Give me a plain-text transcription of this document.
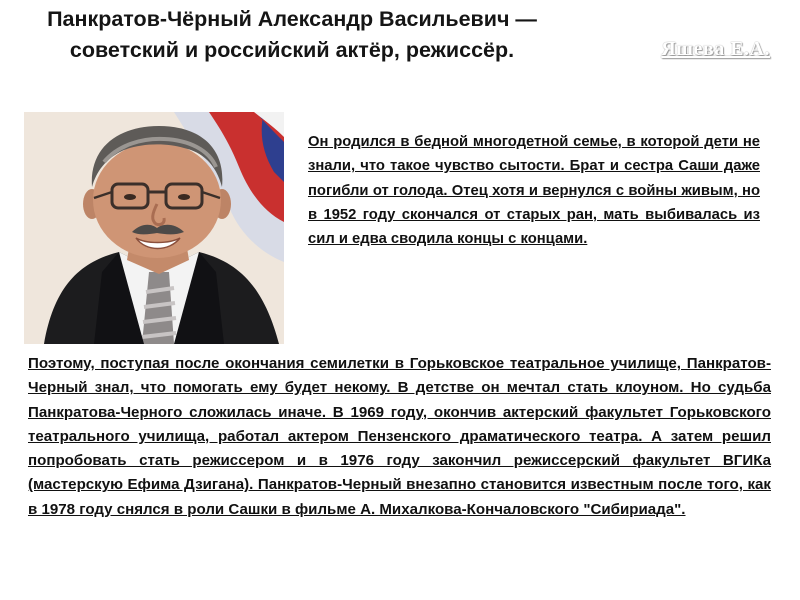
Панкратов-Чёрный Александр Васильевич — советский и российский актёр, режиссёр.	Яшева Е.А.
Он родился в бедной многодетной семье, в которой дети не знали, что такое чувство сытости. Брат и сестра Саши даже погибли от голода. Отец хотя и вернулся с войны живым, но в 1952 году скончался от старых ран, мать выбивалась из сил и едва сводила концы с концами.
Поэтому, поступая после окончания семилетки в Горьковское театральное училище, Панкратов-Черный знал, что помогать ему будет некому. В детстве он мечтал стать клоуном. Но судьба Панкратова-Черного сложилась иначе. В 1969 году, окончив актерский факультет Горьковского театрального училища, работал актером Пензенского драматического театра. А затем решил попробовать стать режиссером и в 1976 году закончил режиссерский факультет ВГИКа (мастерскую Ефима Дзигана). Панкратов-Черный внезапно становится известным после того, как в 1978 году снялся в роли Сашки в фильме А. Михалкова-Кончаловского "Сибириада".
